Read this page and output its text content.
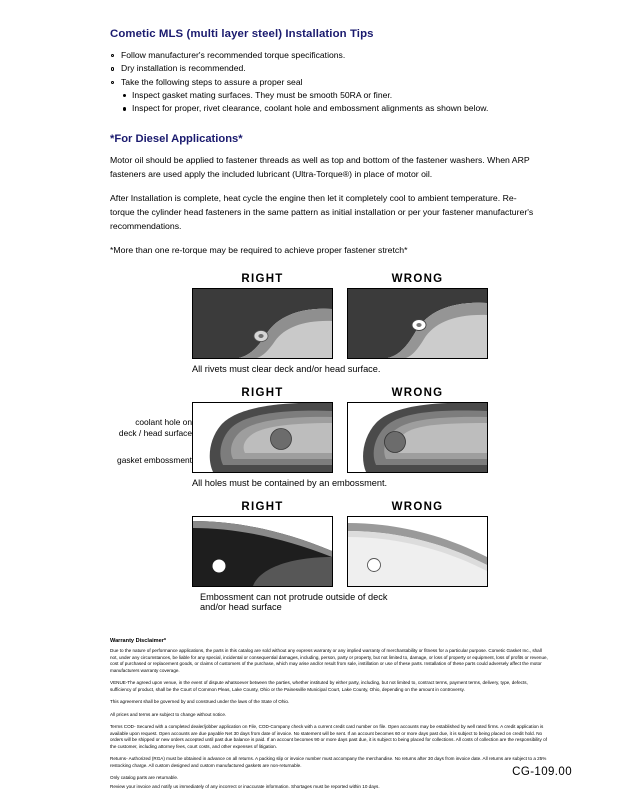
Cometic MLS (multi layer steel) Installation Tips
Follow manufacturer's recommended torque specifications.
Dry installation is recommended.
Take the following steps to assure a proper seal
Inspect gasket mating surfaces. They must be smooth 50RA or finer.
Inspect for proper, rivet clearance, coolant hole and embossment alignments as shown below.
*For Diesel Applications*

Motor oil should be applied to fastener threads as well as top and bottom of the fastener washers. When ARP fasteners are used apply the included lubricant (Ultra-Torque®) in place of motor oil.

After Installation is complete, heat cycle the engine then let it completely cool to ambient temperature. Re-torque the cylinder head fasteners in the same pattern as initial installation or per your fastener manufacturer's recommendations.

*More than one re-torque may be required to achieve proper fastener stretch*

RIGHT	WRONG
All rivets must clear deck and/or head surface.
coolant hole on
deck / head surface
gasket embossment
RIGHT	WRONG
All holes must be contained by an embossment.
RIGHT	WRONG
Embossment can not protrude outside of deck
and/or head surface
Warranty Disclaimer*

Due to the nature of performance applications, the parts in this catalog are sold without any express warranty or any implied warranty of merchantability or fitness for a particular purpose. Cometic Gasket Inc., shall not, under any circumstances, be liable for any special, incidental or consequential damages, including, person, party or property, but not limited to, damage, or loss of property or equipment, loss of profits or revenue, cost of purchased or replacement goods, or claims of customers of the purchase, which may arise and/or result from sale, instillation or use of these parts. Installation of these parts could adversely affect the motor manufacturers warranty coverage.

VENUE-The agreed upon venue, in the event of dispute whatsoever between the parties, whether instituted by either party, including, but not limited to, contract terms, payment terms, delivery, type, defects, sufficiency of product, shall be the Court of Common Pleas, Lake County, Ohio or the Painesville Municipal Court, Lake County, Ohio, depending on the amount in controversy.

This agreement shall be governed by and construed under the laws of the State of Ohio.

All prices and terms are subject to change without notice.

Terms COD- Secured with a completed dealer/jobber application on File, COD-Company check with a current credit card number on file. Open accounts may be established by well rated firms. A credit application is available upon request. Open accounts are due payable Net 30 days from date of invoice. No statement will be sent. If an account becomes 60 or more days past due, it is subject to being placed on credit hold. No orders will be shipped or new orders accepted until past due balance is paid. If an account becomes 90 or more days past due, it is subject to being placed for collections. All costs of collection are the responsibility of the customer, including attorney fees, court costs, and other expenses of litigation.

Returns- Authorized (RGA) must be obtained in advance on all returns. A packing slip or invoice number must accompany the merchandise. No returns after 30 days from invoice date. All returns are subject to a 25% restocking charge. All custom designed and custom manufactured gaskets are non-returnable.

Only catalog parts are returnable.

Review your invoice and notify us immediately of any incorrect or inaccurate information. Shortages must be reported within 10 days.

CG-109.00
